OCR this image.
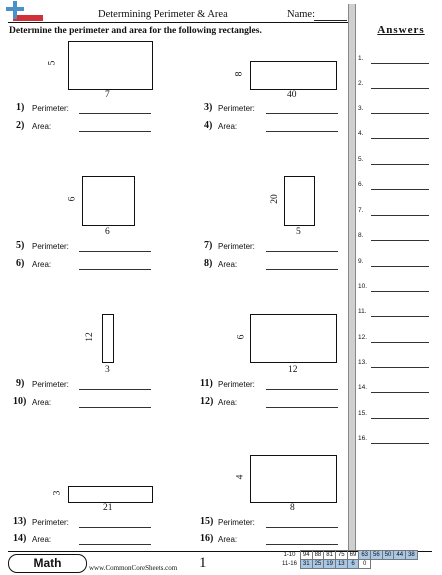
Determining Perimeter & Area	Name:
Determine the perimeter and area for the following rectangles.	Answers
5
7
1) Perimeter:
2) Area:
8
40
3) Perimeter:
4) Area:
6
6
5) Perimeter:
6) Area:
20
5
7) Perimeter:
8) Area:
12
3
9) Perimeter:
10) Area:
6
12
11) Perimeter:
12) Area:
3
21
13) Perimeter:
14) Area:
4
8
15) Perimeter:
16) Area:
1.
2.
3.
4.
5.
6.
7.
8.
9.
10.
11.
12.
13.
14.
15.
16.
Math	www.CommonCoreSheets.com 1	1-10	94	88	81	75	69	63	56	50	44	38
11-16	31	25	19	13	6	0				
